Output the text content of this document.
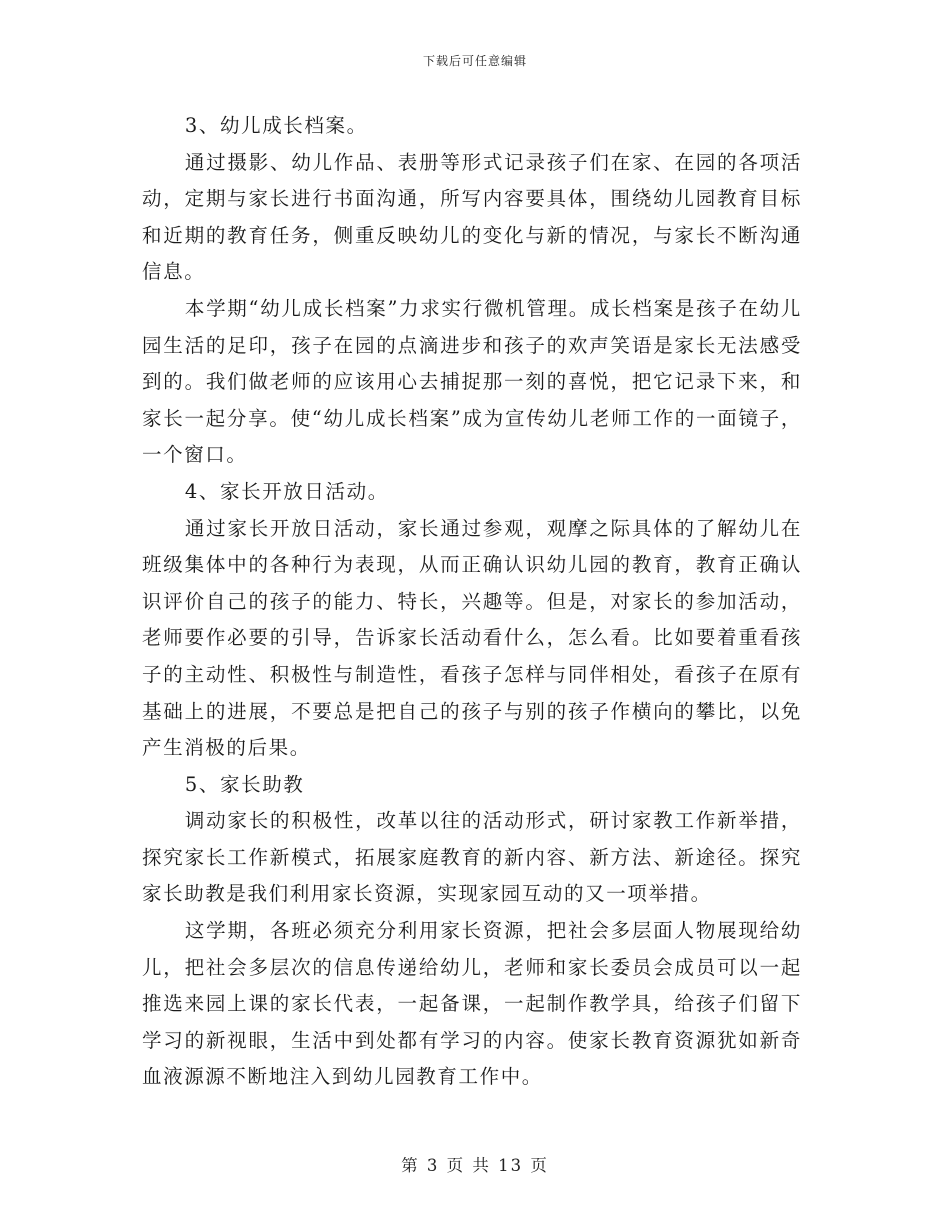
下载后可任意编辑

3、幼儿成长档案。

通过摄影、幼儿作品、表册等形式记录孩子们在家、在园的各项活动，定期与家长进行书面沟通，所写内容要具体，围绕幼儿园教育目标和近期的教育任务，侧重反映幼儿的变化与新的情况，与家长不断沟通信息。

本学期“幼儿成长档案”力求实行微机管理。成长档案是孩子在幼儿园生活的足印，孩子在园的点滴进步和孩子的欢声笑语是家长无法感受到的。我们做老师的应该用心去捕捉那一刻的喜悦，把它记录下来，和家长一起分享。使“幼儿成长档案”成为宣传幼儿老师工作的一面镜子，一个窗口。

4、家长开放日活动。

通过家长开放日活动，家长通过参观，观摩之际具体的了解幼儿在班级集体中的各种行为表现，从而正确认识幼儿园的教育，教育正确认识评价自己的孩子的能力、特长，兴趣等。但是，对家长的参加活动，老师要作必要的引导，告诉家长活动看什么，怎么看。比如要着重看孩子的主动性、积极性与制造性，看孩子怎样与同伴相处，看孩子在原有基础上的进展，不要总是把自己的孩子与别的孩子作横向的攀比，以免产生消极的后果。

5、家长助教

调动家长的积极性，改革以往的活动形式，研讨家教工作新举措，探究家长工作新模式，拓展家庭教育的新内容、新方法、新途径。探究家长助教是我们利用家长资源，实现家园互动的又一项举措。

这学期，各班必须充分利用家长资源，把社会多层面人物展现给幼儿，把社会多层次的信息传递给幼儿，老师和家长委员会成员可以一起推选来园上课的家长代表，一起备课，一起制作教学具，给孩子们留下学习的新视眼，生活中到处都有学习的内容。使家长教育资源犹如新奇血液源源不断地注入到幼儿园教育工作中。

第 3 页 共 13 页
